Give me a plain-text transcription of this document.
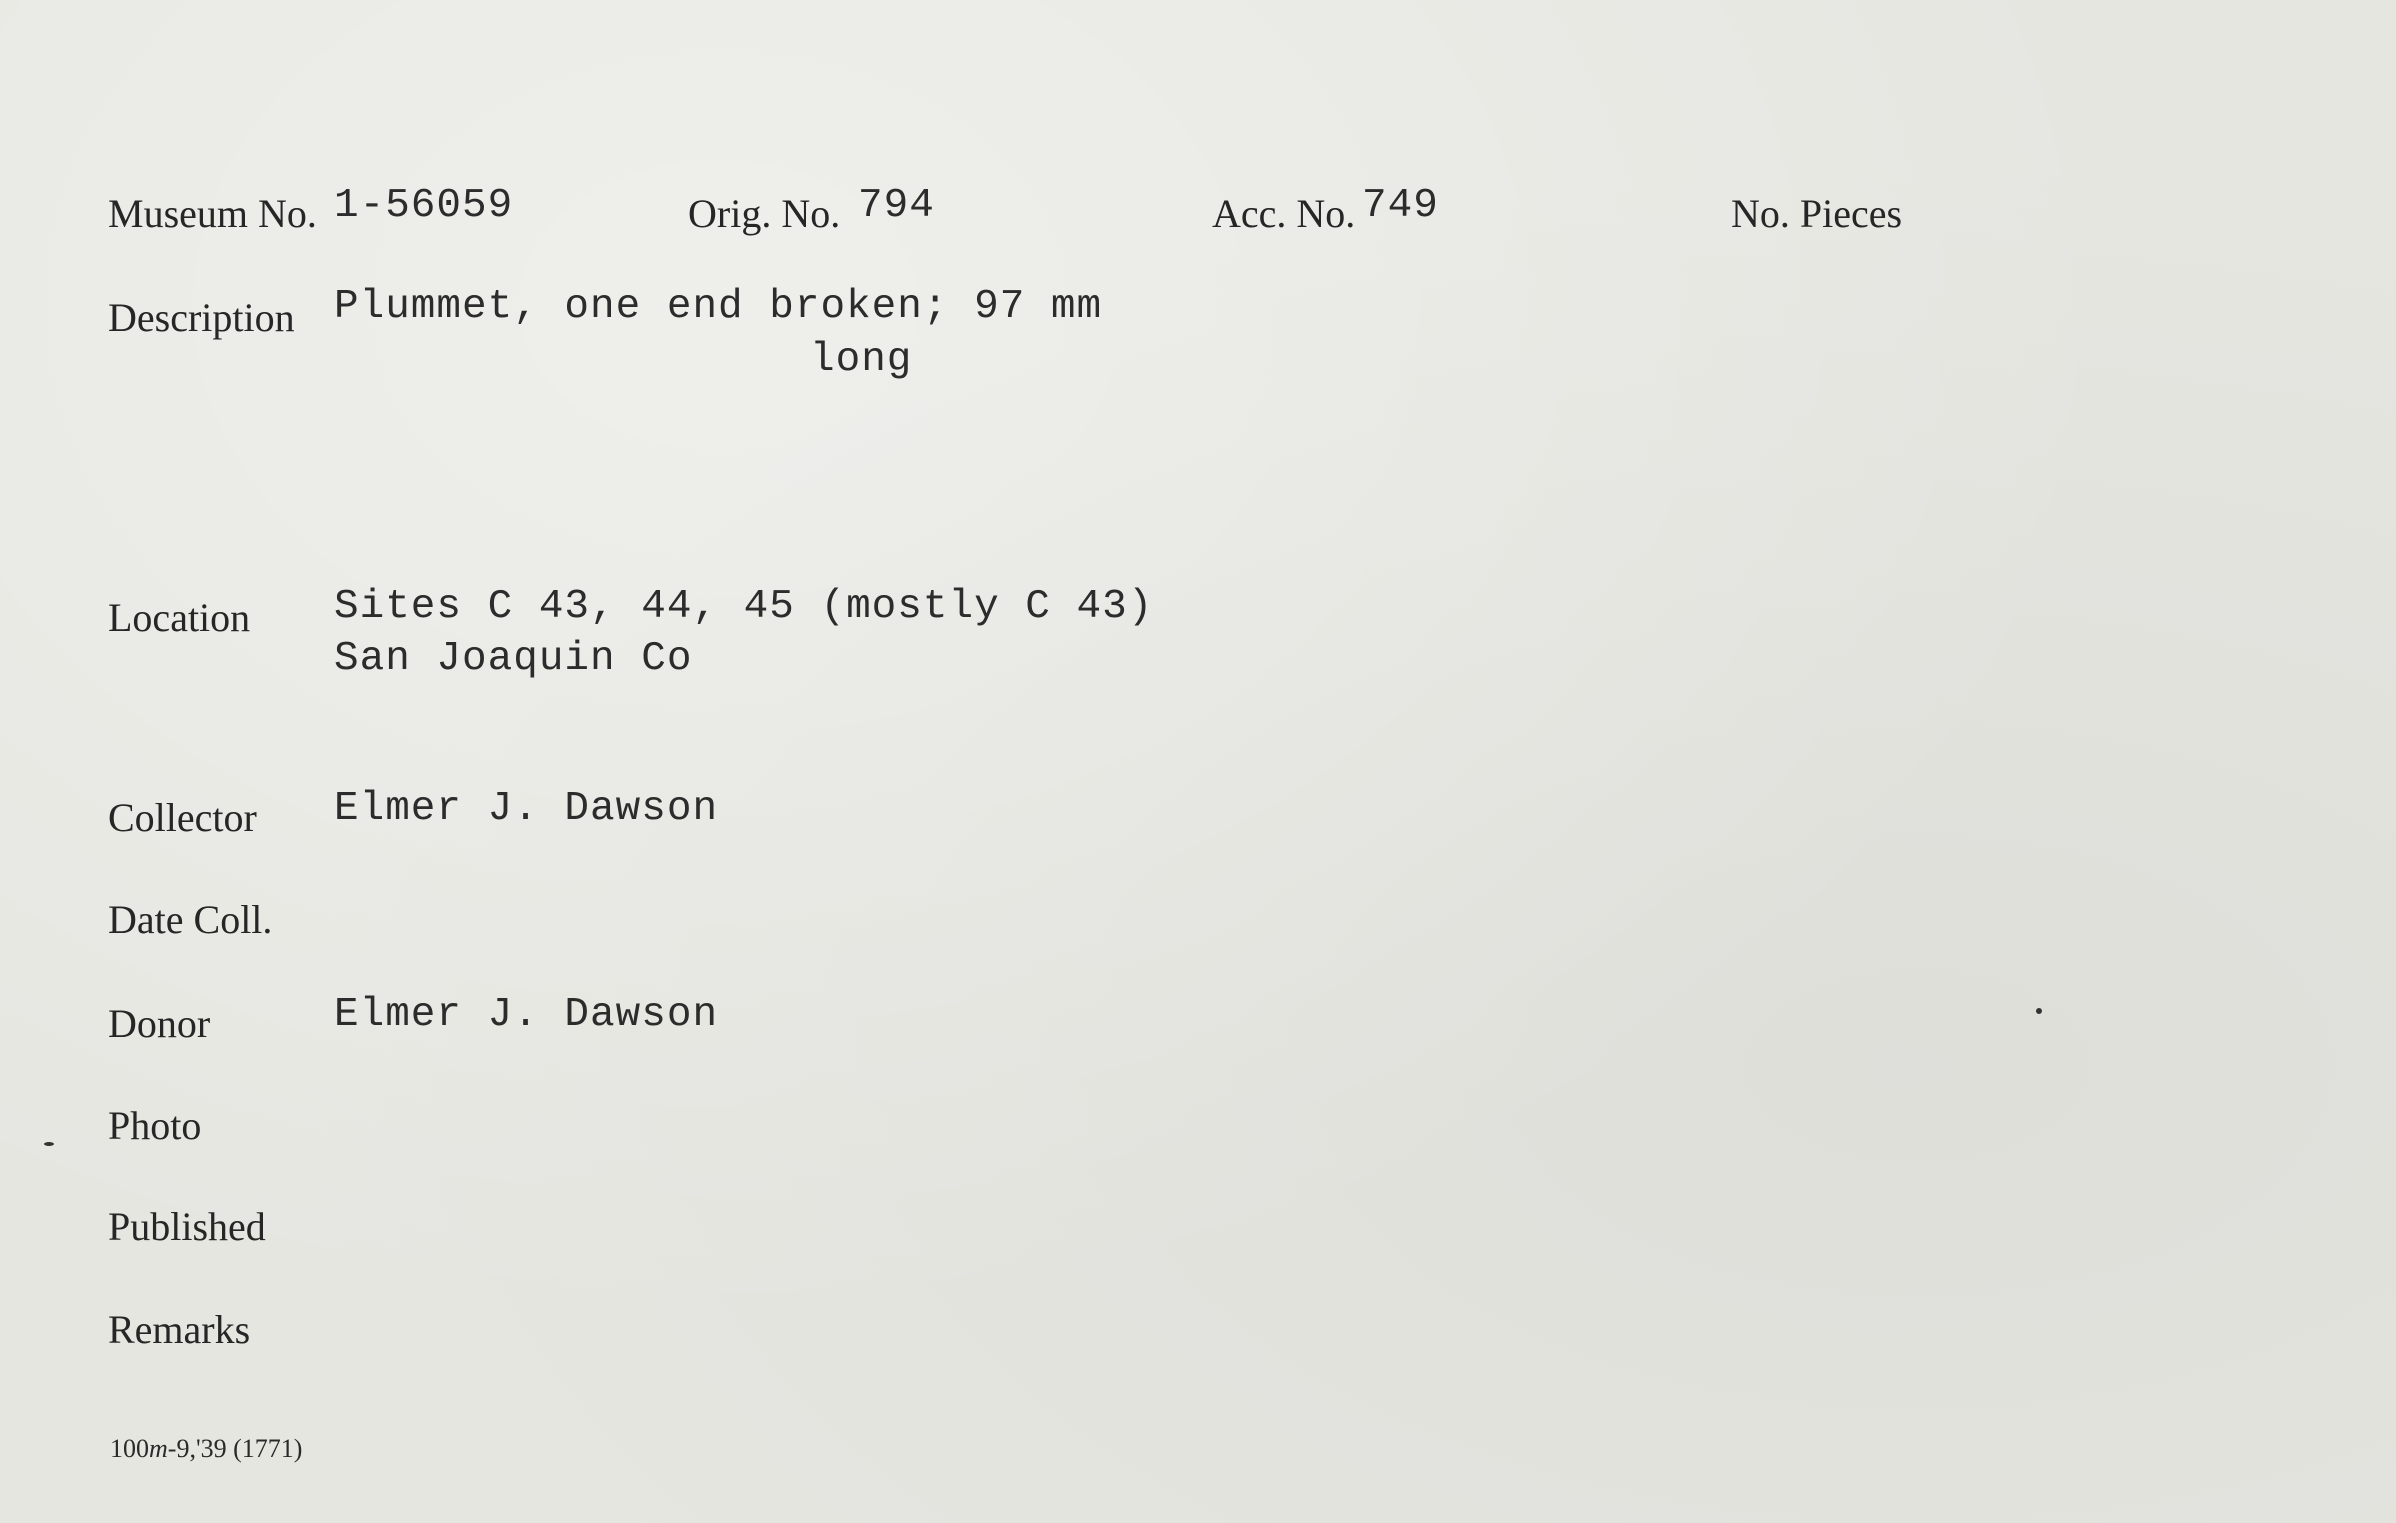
Museum No. 1-56059	Orig. No. 794	Acc. No. 749	No. Pieces
Description Plummet, one end broken; 97 mm
long
Location Sites C 43, 44, 45 (mostly C 43)
San Joaquin Co
Collector Elmer J. Dawson
Date Coll.
Donor	Elmer J. Dawson
Photo
Published
Remarks
100m-9,'39 (1771)
